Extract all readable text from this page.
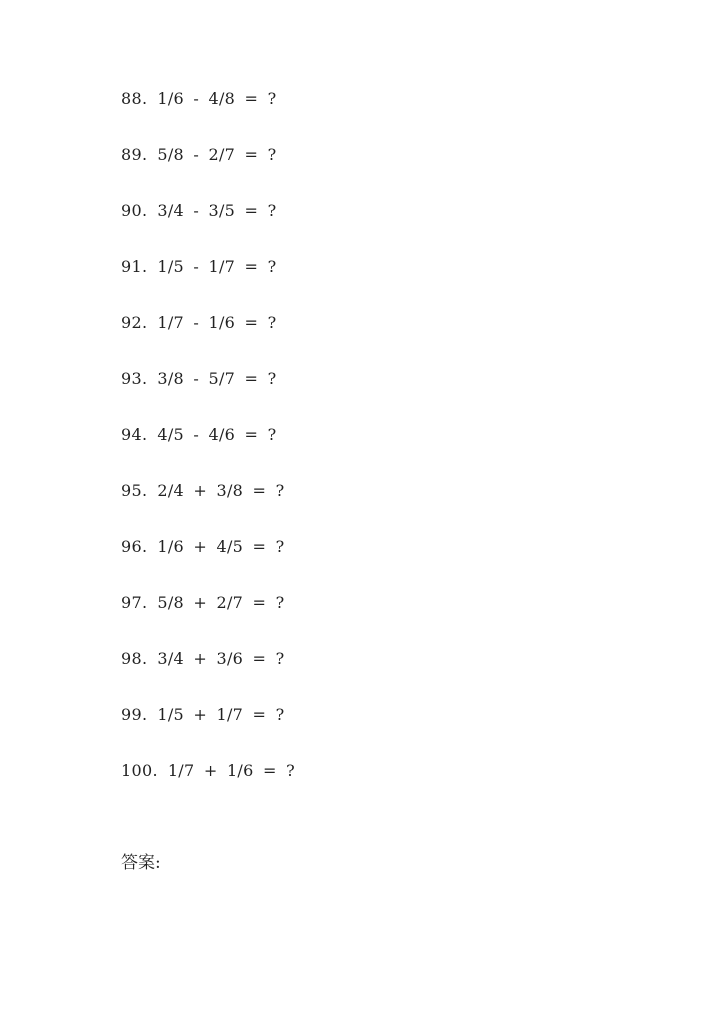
88. 1/6 - 4/8 = ?
89. 5/8 - 2/7 = ?
90. 3/4 - 3/5 = ?
91. 1/5 - 1/7 = ?
92. 1/7 - 1/6 = ?
93. 3/8 - 5/7 = ?
94. 4/5 - 4/6 = ?
95. 2/4 + 3/8 = ?
96. 1/6 + 4/5 = ?
97. 5/8 + 2/7 = ?
98. 3/4 + 3/6 = ?
99. 1/5 + 1/7 = ?
100. 1/7 + 1/6 = ?
答案:
